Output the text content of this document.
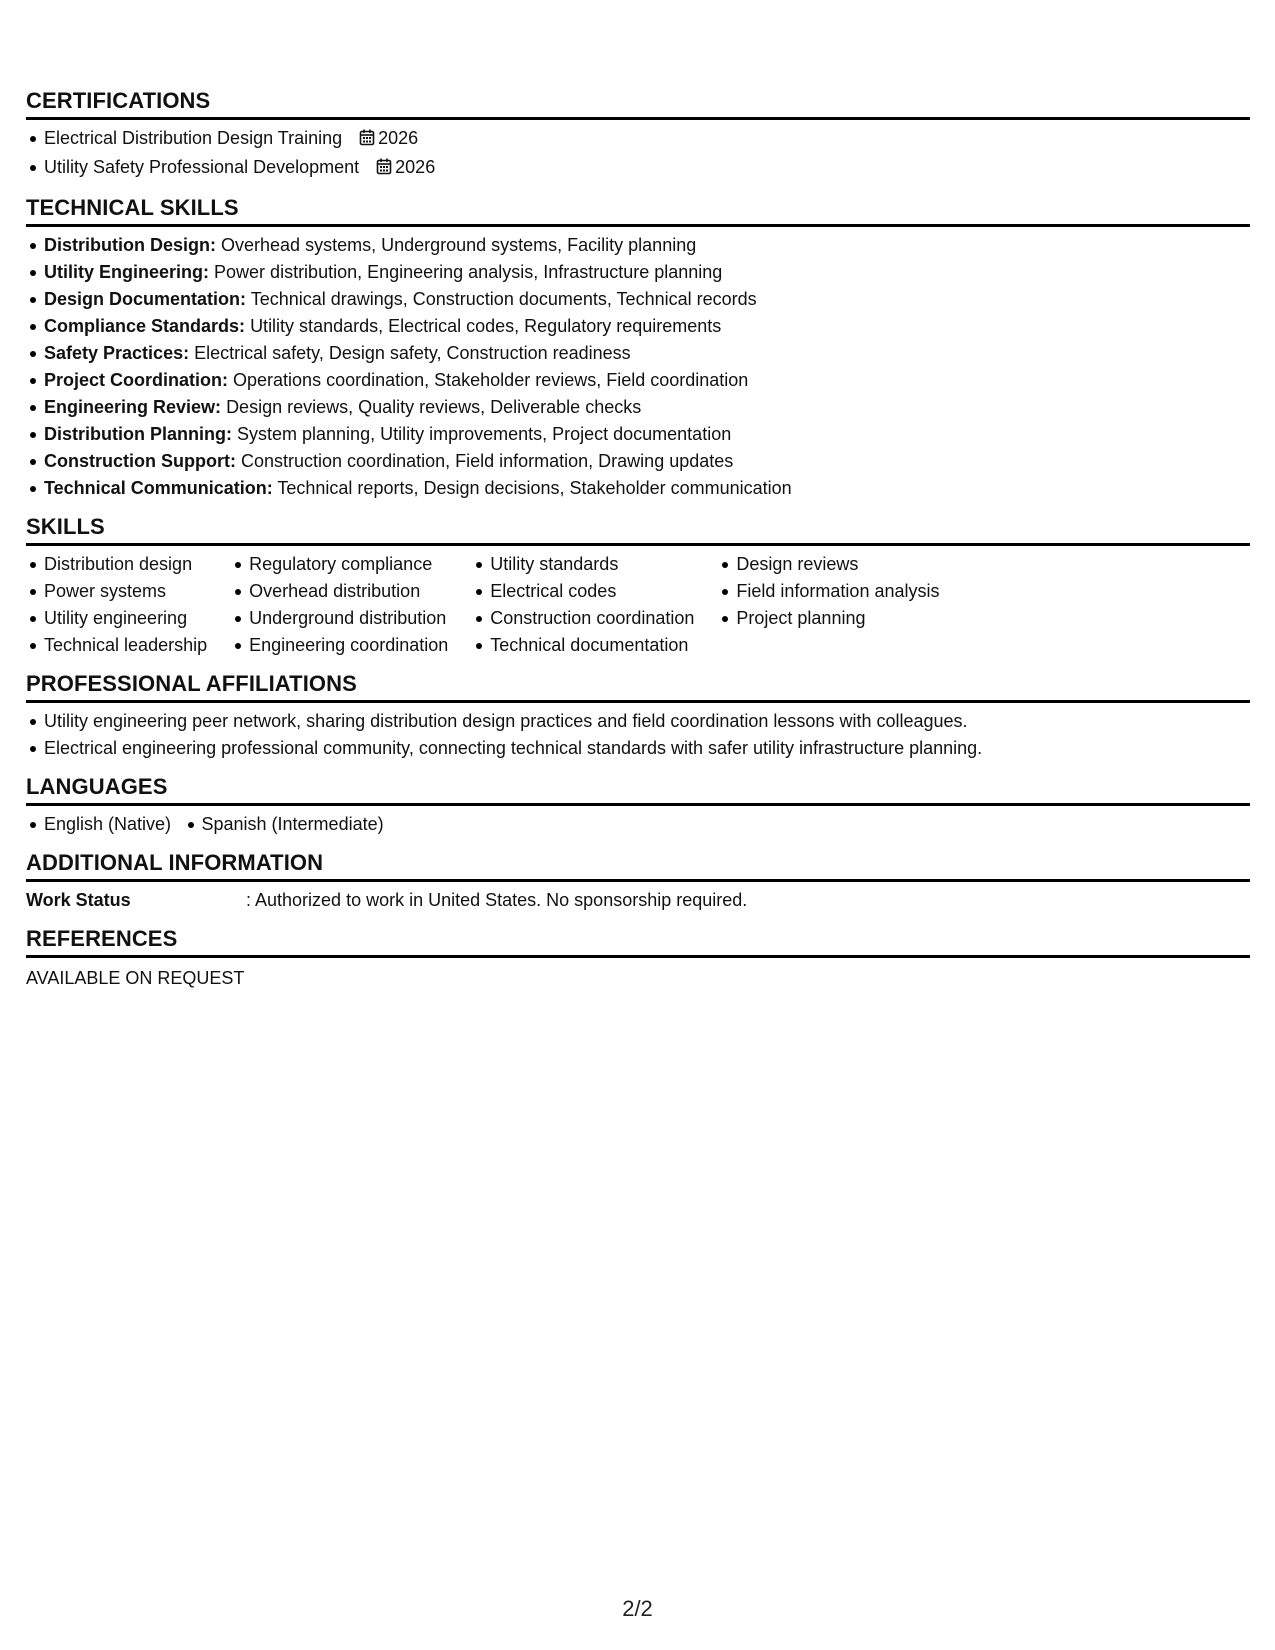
CERTIFICATIONS
Electrical Distribution Design Training 2026
Utility Safety Professional Development 2026
TECHNICAL SKILLS
Distribution Design: Overhead systems, Underground systems, Facility planning
Utility Engineering: Power distribution, Engineering analysis, Infrastructure planning
Design Documentation: Technical drawings, Construction documents, Technical records
Compliance Standards: Utility standards, Electrical codes, Regulatory requirements
Safety Practices: Electrical safety, Design safety, Construction readiness
Project Coordination: Operations coordination, Stakeholder reviews, Field coordination
Engineering Review: Design reviews, Quality reviews, Deliverable checks
Distribution Planning: System planning, Utility improvements, Project documentation
Construction Support: Construction coordination, Field information, Drawing updates
Technical Communication: Technical reports, Design decisions, Stakeholder communication
SKILLS
Distribution design
Power systems
Utility engineering
Technical leadership
Regulatory compliance
Overhead distribution
Underground distribution
Engineering coordination
Utility standards
Electrical codes
Construction coordination
Technical documentation
Design reviews
Field information analysis
Project planning
PROFESSIONAL AFFILIATIONS
Utility engineering peer network, sharing distribution design practices and field coordination lessons with colleagues.
Electrical engineering professional community, connecting technical standards with safer utility infrastructure planning.
LANGUAGES
English (Native) Spanish (Intermediate)
ADDITIONAL INFORMATION
Work Status	: Authorized to work in United States. No sponsorship required.
REFERENCES
AVAILABLE ON REQUEST
2/2
